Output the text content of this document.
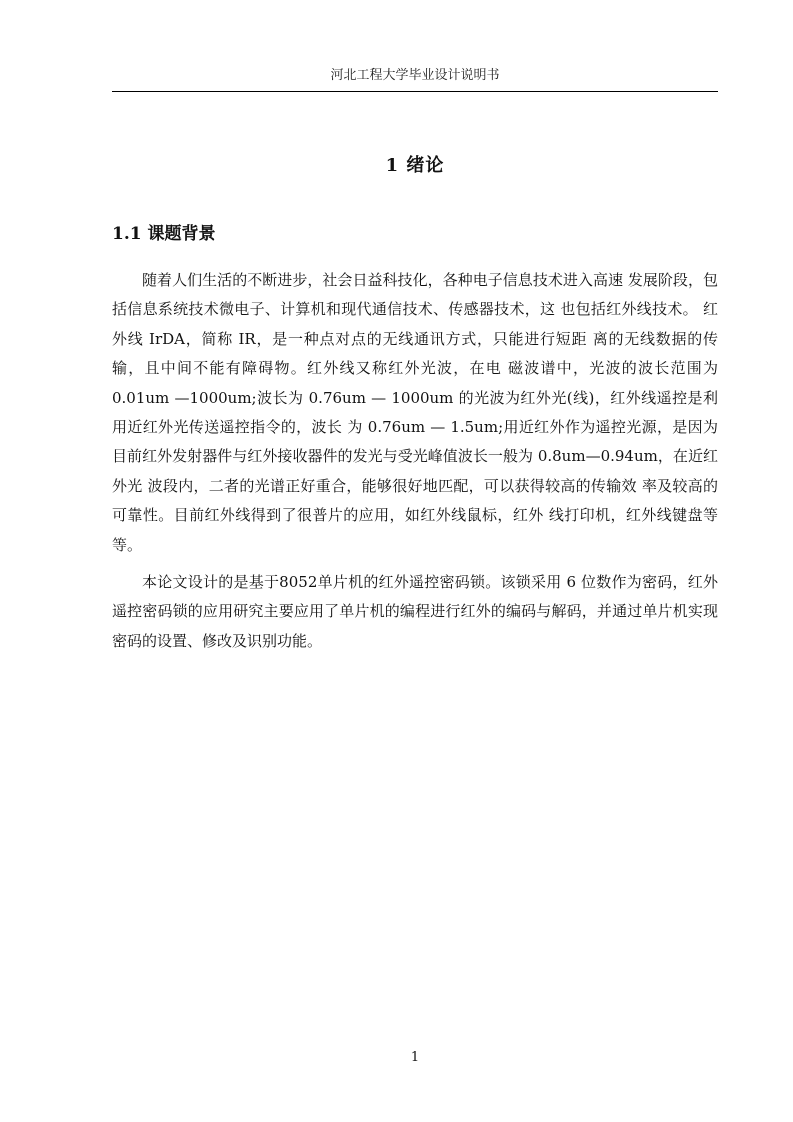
河北工程大学毕业设计说明书
1 绪论
1.1 课题背景

随着人们生活的不断进步，社会日益科技化，各种电子信息技术进入高速 发展阶段，包括信息系统技术微电子、计算机和现代通信技术、传感器技术，这 也包括红外线技术。 红外线 IrDA，简称 IR，是一种点对点的无线通讯方式，只能进行短距 离的无线数据的传输，且中间不能有障碍物。红外线又称红外光波，在电 磁波谱中，光波的波长范围为 0.01um —1000um;波长为 0.76um — 1000um 的光波为红外光(线)，红外线遥控是利用近红外光传送遥控指令的，波长 为 0.76um — 1.5um;用近红外作为遥控光源，是因为目前红外发射器件与红外接收器件的发光与受光峰值波长一般为 0.8um—0.94um，在近红外光 波段内，二者的光谱正好重合，能够很好地匹配，可以获得较高的传输效 率及较高的可靠性。目前红外线得到了很普片的应用，如红外线鼠标，红外 线打印机，红外线键盘等等。

本论文设计的是基于8052单片机的红外遥控密码锁。该锁采用 6 位数作为密码，红外遥控密码锁的应用研究主要应用了单片机的编程进行红外的编码与解码，并通过单片机实现密码的设置、修改及识别功能。

1
